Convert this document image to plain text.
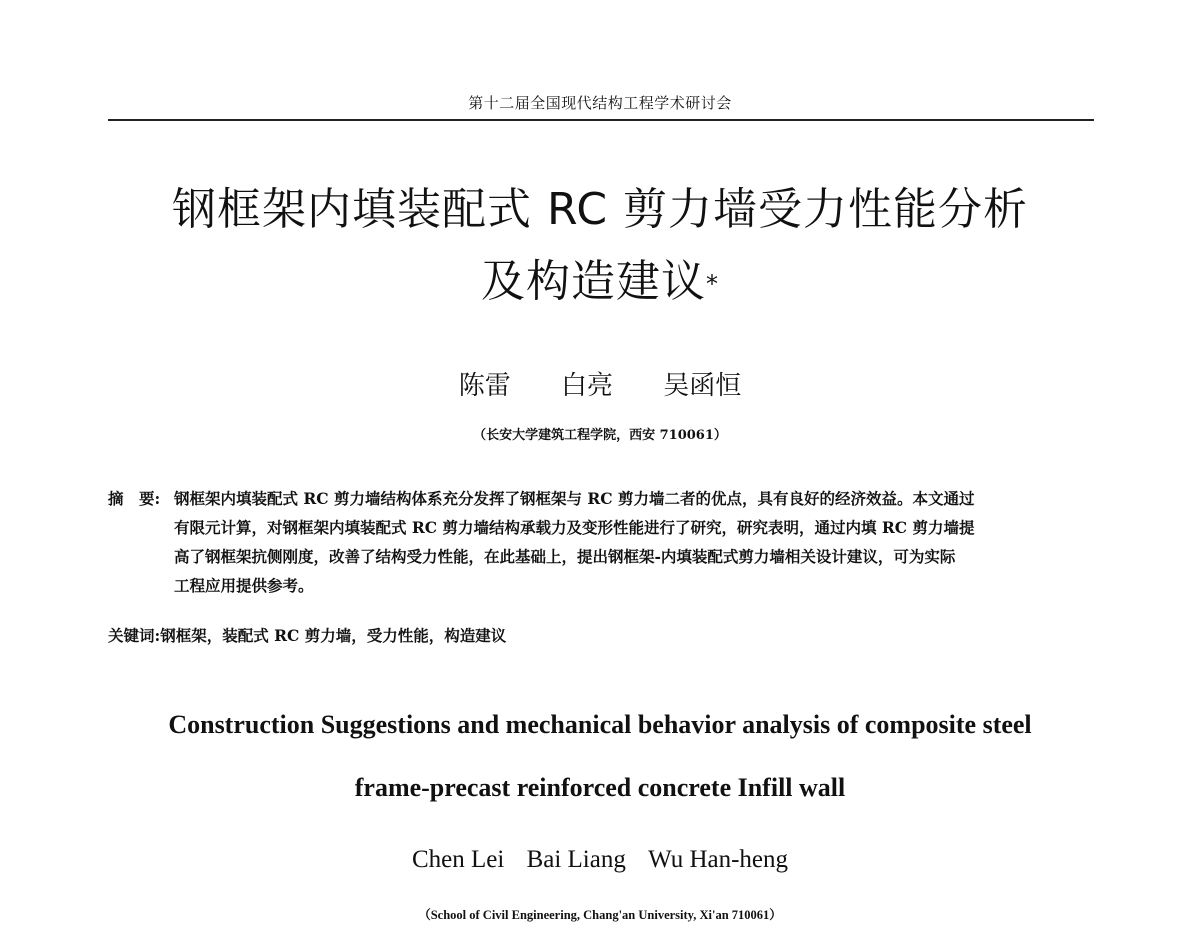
第十二届全国现代结构工程学术研讨会
钢框架内填装配式 RC 剪力墙受力性能分析
及构造建议*
陈雷 白亮 吴函恒
（长安大学建筑工程学院，西安 710061）
摘　要: 钢框架内填装配式 RC 剪力墙结构体系充分发挥了钢框架与 RC 剪力墙二者的优点，具有良好的经济效益。本文通过
有限元计算，对钢框架内填装配式 RC 剪力墙结构承载力及变形性能进行了研究，研究表明，通过内填 RC 剪力墙提
高了钢框架抗侧刚度，改善了结构受力性能，在此基础上，提出钢框架-内填装配式剪力墙相关设计建议，可为实际
工程应用提供参考。
关键词:钢框架，装配式 RC 剪力墙，受力性能，构造建议
Construction Suggestions and mechanical behavior analysis of composite steel
frame-precast reinforced concrete Infill wall
Chen Lei Bai Liang Wu Han-heng
（School of Civil Engineering, Chang'an University, Xi'an 710061）
